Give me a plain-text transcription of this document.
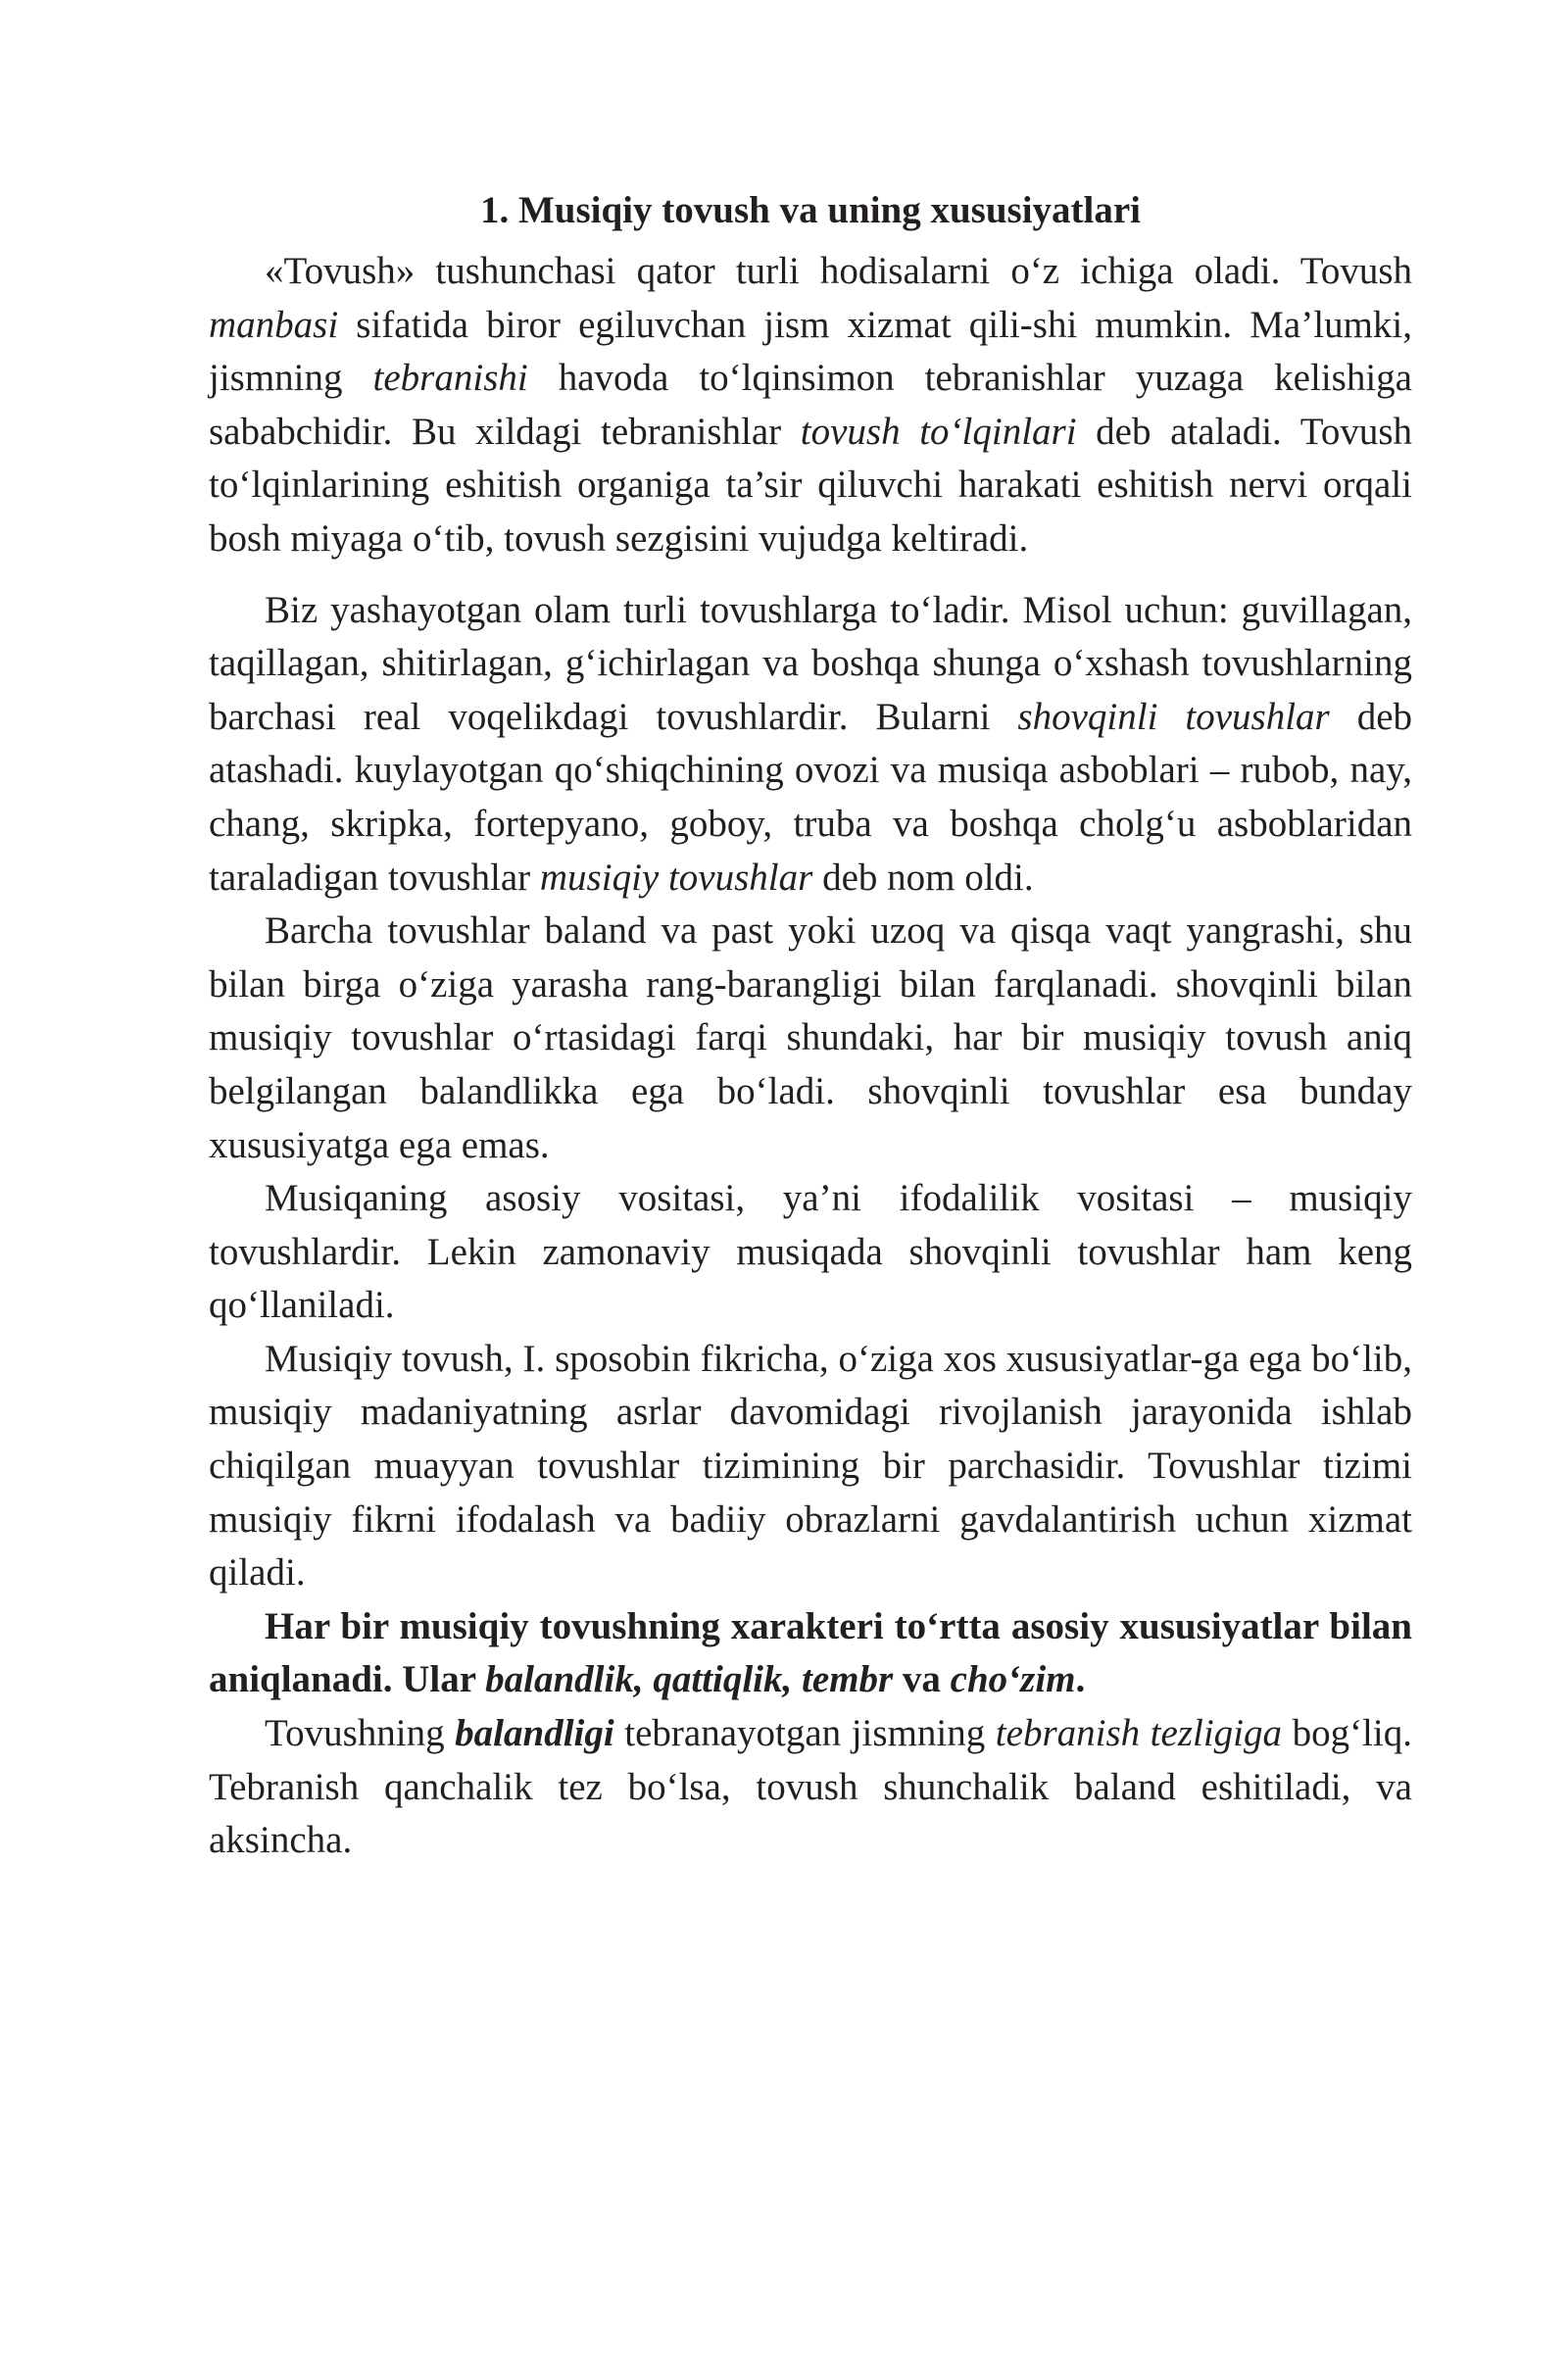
1. Musiqiy tovush va uning xususiyatlari

«Tovush» tushunchasi qator turli hodisalarni o‘z ichiga oladi. Tovush manbasi sifatida biror egiluvchan jism xizmat qili-shi mumkin. Ma’lumki, jismning tebranishi havoda to‘lqinsimon tebranishlar yuzaga kelishiga sababchidir. Bu xildagi tebranishlar tovush to‘lqinlari deb ataladi. Tovush to‘lqinlarining eshitish organiga ta’sir qiluvchi harakati eshitish nervi orqali bosh miyaga o‘tib, tovush sezgisini vujudga keltiradi.

Biz yashayotgan olam turli tovushlarga to‘ladir. Misol uchun: guvillagan, taqillagan, shitirlagan, g‘ichirlagan va boshqa shunga o‘xshash tovushlarning barchasi real voqelikdagi tovushlardir. Bularni shovqinli tovushlar deb atashadi. kuylayotgan qo‘shiqchining ovozi va musiqa asboblari – rubob, nay, chang, skripka, fortepyano, goboy, truba va boshqa cholg‘u asboblaridan taraladigan tovushlar musiqiy tovushlar deb nom oldi.

Barcha tovushlar baland va past yoki uzoq va qisqa vaqt yangrashi, shu bilan birga o‘ziga yarasha rang-barangligi bilan farqlanadi. shovqinli bilan musiqiy tovushlar o‘rtasidagi farqi shundaki, har bir musiqiy tovush aniq belgilangan balandlikka ega bo‘ladi. shovqinli tovushlar esa bunday xususiyatga ega emas.

Musiqaning asosiy vositasi, ya’ni ifodalilik vositasi – musiqiy tovushlardir. Lekin zamonaviy musiqada shovqinli tovushlar ham keng qo‘llaniladi.

Musiqiy tovush, I. sposobin fikricha, o‘ziga xos xususiyatlar-ga ega bo‘lib, musiqiy madaniyatning asrlar davomidagi rivojlanish jarayonida ishlab chiqilgan muayyan tovushlar tizimining bir parchasidir. Tovushlar tizimi musiqiy fikrni ifodalash va badiiy obrazlarni gavdalantirish uchun xizmat qiladi.

Har bir musiqiy tovushning xarakteri to‘rtta asosiy xususiyatlar bilan aniqlanadi. Ular balandlik, qattiqlik, tembr va cho‘zim.

Tovushning balandligi tebranayotgan jismning tebranish tezligiga bog‘liq. Tebranish qanchalik tez bo‘lsa, tovush shunchalik baland eshitiladi, va aksincha.
